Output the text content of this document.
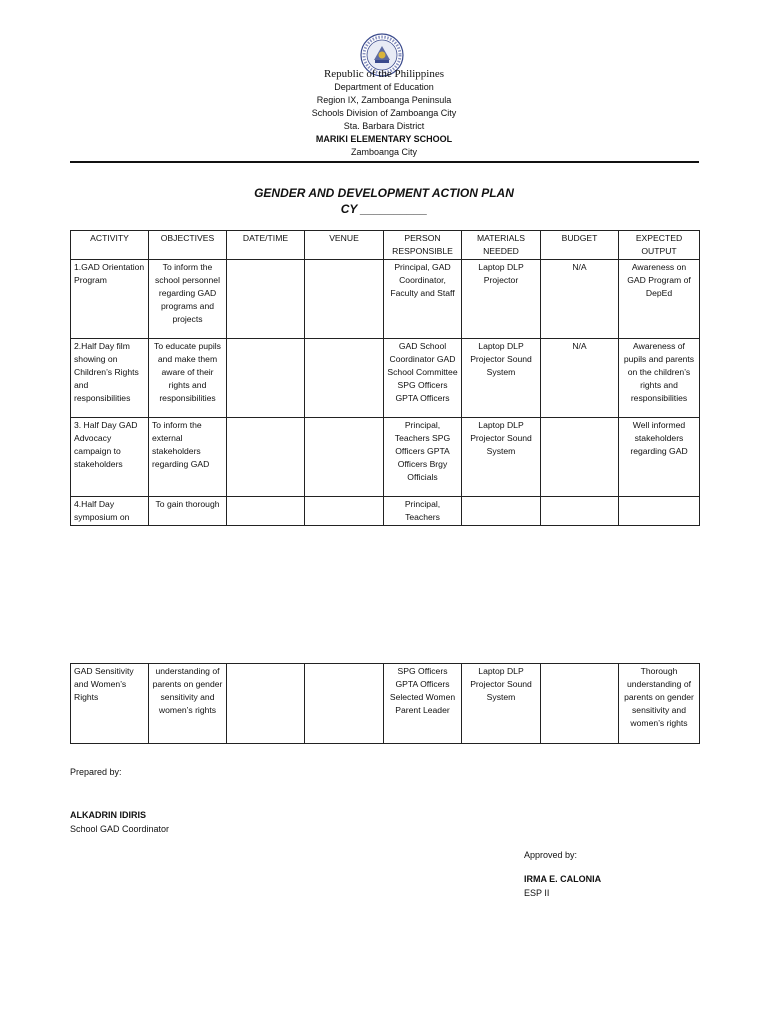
Republic of the Philippines
Department of Education
Region IX, Zamboanga Peninsula
Schools Division of Zamboanga City
Sta. Barbara District
MARIKI ELEMENTARY SCHOOL
Zamboanga City
GENDER AND DEVELOPMENT ACTION PLAN
CY __________
ACTIVITY	OBJECTIVES	DATE/TIME	VENUE	PERSON RESPONSIBLE	MATERIALS NEEDED	BUDGET	EXPECTED OUTPUT
1.GAD Orientation Program	To inform the school personnel regarding GAD programs and projects			Principal, GAD Coordinator, Faculty and Staff	Laptop DLP Projector	N/A	Awareness on GAD Program of DepEd
2.Half Day film showing on Children’s Rights and responsibilities	To educate pupils and make them aware of their rights and responsibilities			GAD School Coordinator GAD School Committee SPG Officers GPTA Officers	Laptop DLP Projector Sound System	N/A	Awareness of pupils and parents on the children’s rights and responsibilities
3. Half Day GAD Advocacy campaign to stakeholders	To inform the external stakeholders regarding GAD			Principal, Teachers SPG Officers GPTA Officers Brgy Officials	Laptop DLP Projector Sound System		Well informed stakeholders regarding GAD
4.Half Day symposium on	To gain thorough			Principal, Teachers			
GAD Sensitivity and Women’s Rights	understanding of parents on gender sensitivity and women’s rights			SPG Officers GPTA Officers Selected Women Parent Leader	Laptop DLP Projector Sound System		Thorough understanding of parents on gender sensitivity and women’s rights
Prepared by:
ALKADRIN IDIRIS
School GAD Coordinator
Approved by:
IRMA E. CALONIA
ESP II
